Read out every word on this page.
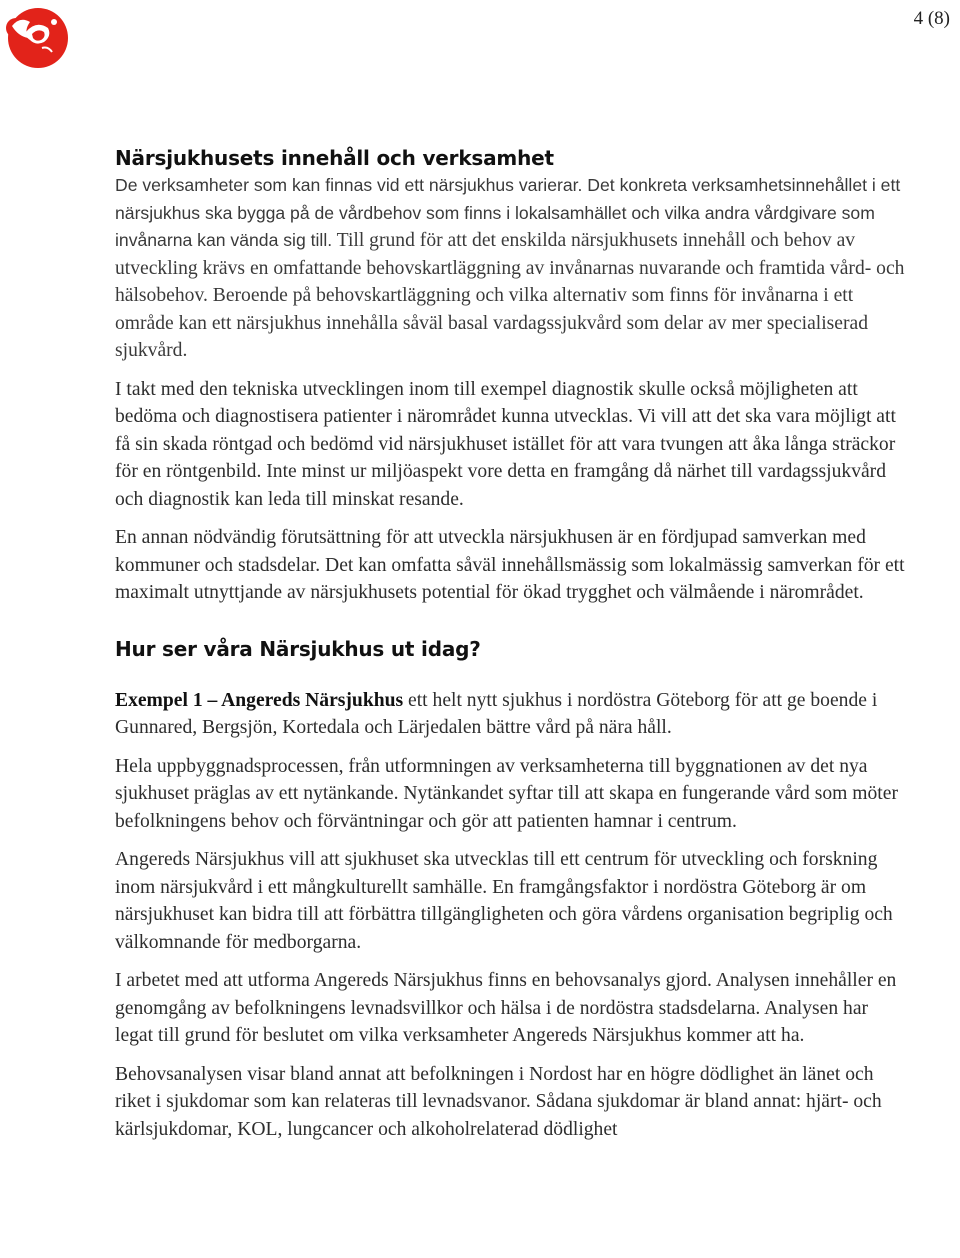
4 (8)
Närsjukhusets innehåll och verksamhet

De verksamheter som kan finnas vid ett närsjukhus varierar. Det konkreta verksamhetsinnehållet i ett närsjukhus ska bygga på de vårdbehov som finns i lokalsamhället och vilka andra vårdgivare som invånarna kan vända sig till. Till grund för att det enskilda närsjukhusets innehåll och behov av utveckling krävs en omfattande behovskartläggning av invånarnas nuvarande och framtida vård- och hälsobehov. Beroende på behovskartläggning och vilka alternativ som finns för invånarna i ett område kan ett närsjukhus innehålla såväl basal vardagssjukvård som delar av mer specialiserad sjukvård.

I takt med den tekniska utvecklingen inom till exempel diagnostik skulle också möjligheten att bedöma och diagnostisera patienter i närområdet kunna utvecklas. Vi vill att det ska vara möjligt att få sin skada röntgad och bedömd vid närsjukhuset istället för att vara tvungen att åka långa sträckor för en röntgenbild. Inte minst ur miljöaspekt vore detta en framgång då närhet till vardagssjukvård och diagnostik kan leda till minskat resande.

En annan nödvändig förutsättning för att utveckla närsjukhusen är en fördjupad samverkan med kommuner och stadsdelar. Det kan omfatta såväl innehållsmässig som lokalmässig samverkan för ett maximalt utnyttjande av närsjukhusets potential för ökad trygghet och välmående i närområdet.

Hur ser våra Närsjukhus ut idag?

Exempel 1 – Angereds Närsjukhus ett helt nytt sjukhus i nordöstra Göteborg för att ge boende i Gunnared, Bergsjön, Kortedala och Lärjedalen bättre vård på nära håll.

Hela uppbyggnadsprocessen, från utformningen av verksamheterna till byggnationen av det nya sjukhuset präglas av ett nytänkande. Nytänkandet syftar till att skapa en fungerande vård som möter befolkningens behov och förväntningar och gör att patienten hamnar i centrum.

Angereds Närsjukhus vill att sjukhuset ska utvecklas till ett centrum för utveckling och forskning inom närsjukvård i ett mångkulturellt samhälle. En framgångsfaktor i nordöstra Göteborg är om närsjukhuset kan bidra till att förbättra tillgängligheten och göra vårdens organisation begriplig och välkomnande för medborgarna.

I arbetet med att utforma Angereds Närsjukhus finns en behovsanalys gjord. Analysen innehåller en genomgång av befolkningens levnadsvillkor och hälsa i de nordöstra stadsdelarna. Analysen har legat till grund för beslutet om vilka verksamheter Angereds Närsjukhus kommer att ha.

Behovsanalysen visar bland annat att befolkningen i Nordost har en högre dödlighet än länet och riket i sjukdomar som kan relateras till levnadsvanor. Sådana sjukdomar är bland annat: hjärt- och kärlsjukdomar, KOL, lungcancer och alkoholrelaterad dödlighet
